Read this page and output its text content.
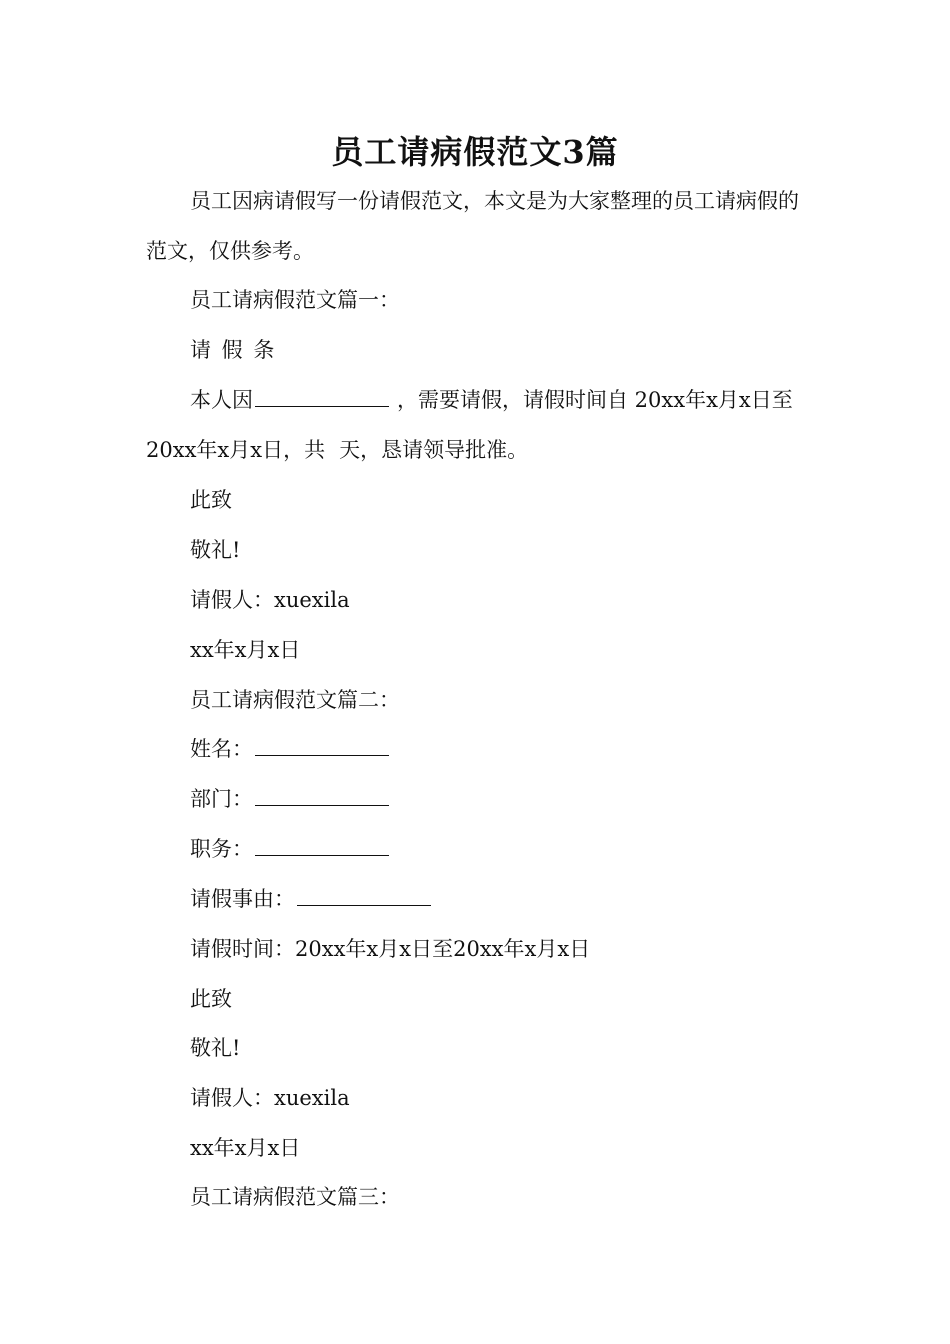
员工请病假范文3篇

员工因病请假写一份请假范文，本文是为大家整理的员工请病假的范文，仅供参考。

员工请病假范文篇一：

请 假 条

本人因	，需要请假，请假时间自 20xx年x月x日至20xx年x月x日，共 天，恳请领导批准。

此致

敬礼!

请假人：xuexila

xx年x月x日

员工请病假范文篇二：

姓名：

部门：

职务：

请假事由：

请假时间：20xx年x月x日至20xx年x月x日

此致

敬礼!

请假人：xuexila

xx年x月x日

员工请病假范文篇三：
